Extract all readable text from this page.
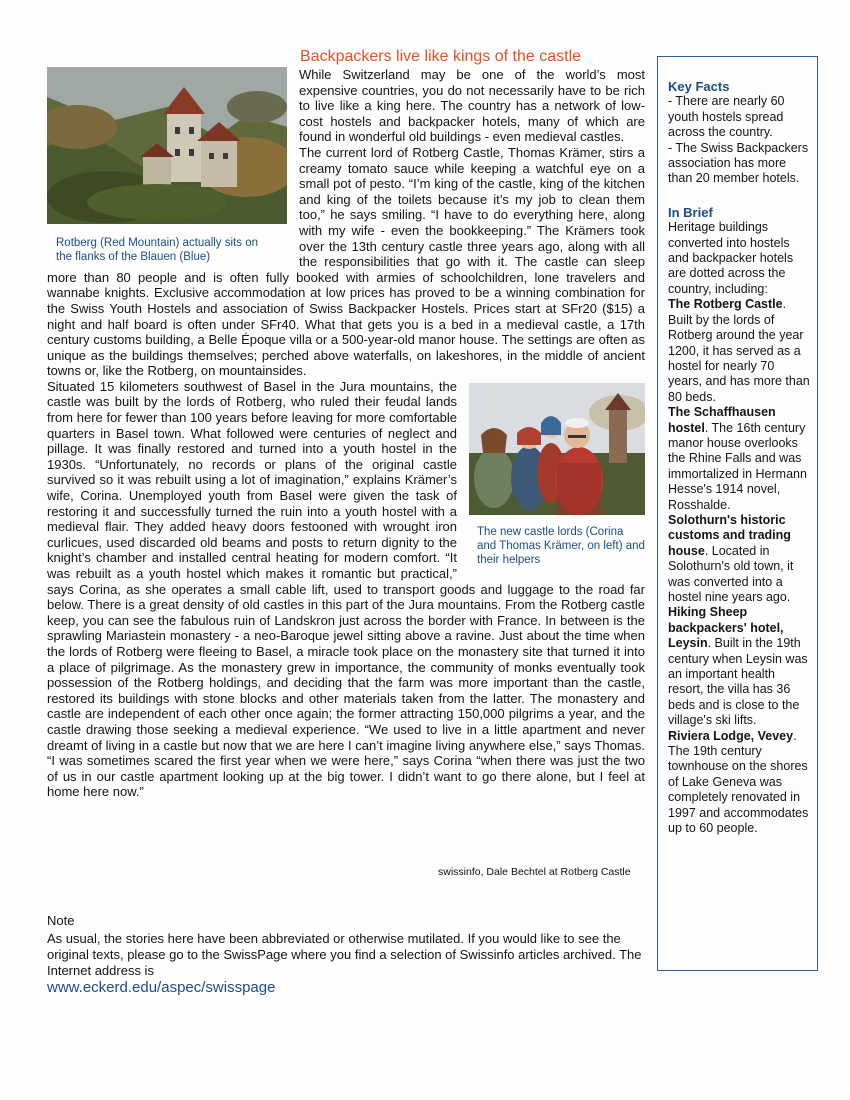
Backpackers live like kings of the castle
Rotberg (Red Mountain) actually sits on the flanks of the Blauen (Blue)

While Switzerland may be one of the world’s most expensive countries, you do not necessarily have to be rich to live like a king here. The country has a network of low-cost hostels and backpacker hotels, many of which are found in wonderful old buildings - even medieval castles.

The current lord of Rotberg Castle, Thomas Krämer, stirs a creamy tomato sauce while keeping a watchful eye on a small pot of pesto. “I’m king of the castle, king of the kitchen and king of the toilets because it’s my job to clean them too,” he says smiling. “I have to do everything here, along with my wife - even the bookkeeping.” The Krämers took over the 13th century castle three years ago, along with all the responsibilities that go with it. The castle can sleep more than 80 people and is often fully booked with armies of schoolchildren, lone travelers and wannabe knights. Exclusive accommodation at low prices has proved to be a winning combination for the Swiss Youth Hostels and association of Swiss Backpacker Hostels. Prices start at SFr20 ($15) a night and half board is often under SFr40. What that gets you is a bed in a medieval castle, a 17th century customs building, a Belle Époque villa or a 500-year-old manor house. The settings are often as unique as the buildings themselves; perched above waterfalls, on lakeshores, in the middle of ancient towns or, like the Rotberg, on mountainsides.

The new castle lords (Corina and Thomas Krämer, on left) and their helpers

Situated 15 kilometers southwest of Basel in the Jura mountains, the castle was built by the lords of Rotberg, who ruled their feudal lands from here for fewer than 100 years before leaving for more comfortable quarters in Basel town. What followed were centuries of neglect and pillage. It was finally restored and turned into a youth hostel in the 1930s. “Unfortunately, no records or plans of the original castle survived so it was rebuilt using a lot of imagination,” explains Krämer’s wife, Corina. Unemployed youth from Basel were given the task of restoring it and successfully turned the ruin into a youth hostel with a medieval flair. They added heavy doors festooned with wrought iron curlicues, used discarded old beams and posts to return dignity to the knight’s chamber and installed central heating for modern comfort. “It was rebuilt as a youth hostel which makes it romantic but practical,” says Corina, as she operates a small cable lift, used to transport goods and luggage to the road far below. There is a great density of old castles in this part of the Jura mountains. From the Rotberg castle keep, you can see the fabulous ruin of Landskron just across the border with France. In between is the sprawling Mariastein monastery - a neo-Baroque jewel sitting above a ravine. Just about the time when the lords of Rotberg were fleeing to Basel, a miracle took place on the monastery site that turned it into a place of pilgrimage. As the monastery grew in importance, the community of monks eventually took possession of the Rotberg holdings, and deciding that the farm was more important than the castle, restored its buildings with stone blocks and other materials taken from the latter. The monastery and castle are independent of each other once again; the former attracting 150,000 pilgrims a year, and the castle drawing those seeking a medieval experience. “We used to live in a little apartment and never dreamt of living in a castle but now that we are here I can’t imagine living anywhere else,” says Thomas. “I was sometimes scared the first year when we were here,” says Corina “when there was just the two of us in our castle apartment looking up at the big tower. I didn’t want to go there alone, but I feel at home here now.”

swissinfo, Dale Bechtel at Rotberg Castle

Note

As usual, the stories here have been abbreviated or otherwise mutilated. If you would like to see the original texts, please go to the SwissPage where you find a selection of Swissinfo articles archived. The Internet address is

www.eckerd.edu/aspec/swisspage
Key Facts

- There are nearly 60 youth hostels spread across the country.

- The Swiss Backpackers association has more than 20 member hotels.

In Brief

Heritage buildings converted into hostels and backpacker hotels are dotted across the country, including:

The Rotberg Castle. Built by the lords of Rotberg around the year 1200, it has served as a hostel for nearly 70 years, and has more than 80 beds.

The Schaffhausen hostel. The 16th century manor house overlooks the Rhine Falls and was immortalized in Hermann Hesse's 1914 novel, Rosshalde.

Solothurn's historic customs and trading house. Located in Solothurn's old town, it was converted into a hostel nine years ago.

Hiking Sheep backpackers' hotel, Leysin. Built in the 19th century when Leysin was an important health resort, the villa has 36 beds and is close to the village's ski lifts.

Riviera Lodge, Vevey. The 19th century townhouse on the shores of Lake Geneva was completely renovated in 1997 and accommodates up to 60 people.
